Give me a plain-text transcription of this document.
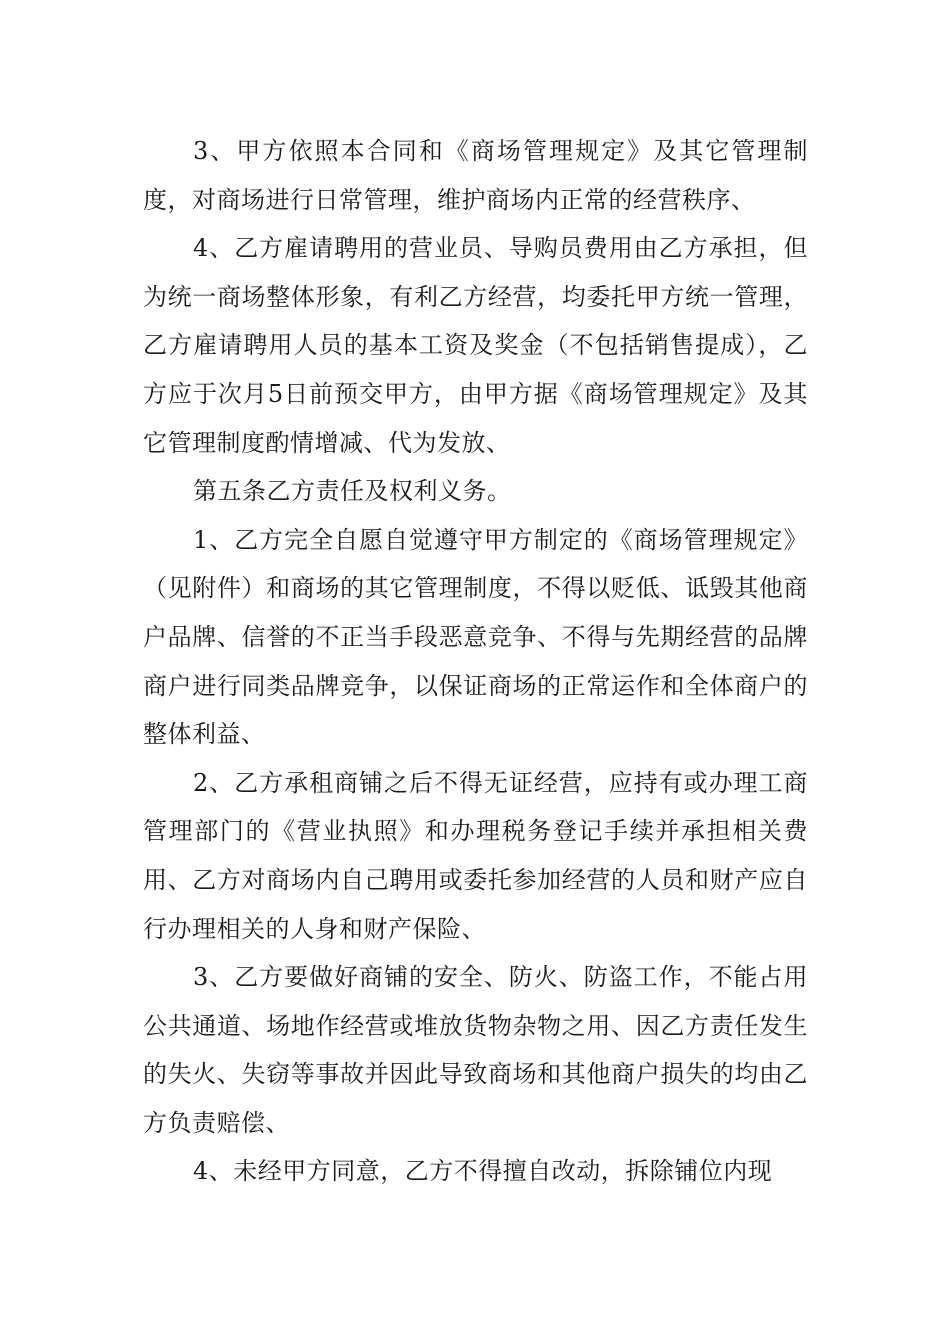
3、甲方依照本合同和《商场管理规定》及其它管理制度，对商场进行日常管理，维护商场内正常的经营秩序、

4、乙方雇请聘用的营业员、导购员费用由乙方承担，但为统一商场整体形象，有利乙方经营，均委托甲方统一管理，乙方雇请聘用人员的基本工资及奖金（不包括销售提成），乙方应于次月5日前预交甲方，由甲方据《商场管理规定》及其它管理制度酌情增减、代为发放、

第五条乙方责任及权利义务。

1、乙方完全自愿自觉遵守甲方制定的《商场管理规定》（见附件）和商场的其它管理制度，不得以贬低、诋毁其他商户品牌、信誉的不正当手段恶意竞争、不得与先期经营的品牌商户进行同类品牌竞争，以保证商场的正常运作和全体商户的整体利益、

2、乙方承租商铺之后不得无证经营，应持有或办理工商管理部门的《营业执照》和办理税务登记手续并承担相关费用、乙方对商场内自己聘用或委托参加经营的人员和财产应自行办理相关的人身和财产保险、

3、乙方要做好商铺的安全、防火、防盗工作，不能占用公共通道、场地作经营或堆放货物杂物之用、因乙方责任发生的失火、失窃等事故并因此导致商场和其他商户损失的均由乙方负责赔偿、

4、未经甲方同意，乙方不得擅自改动，拆除铺位内现
